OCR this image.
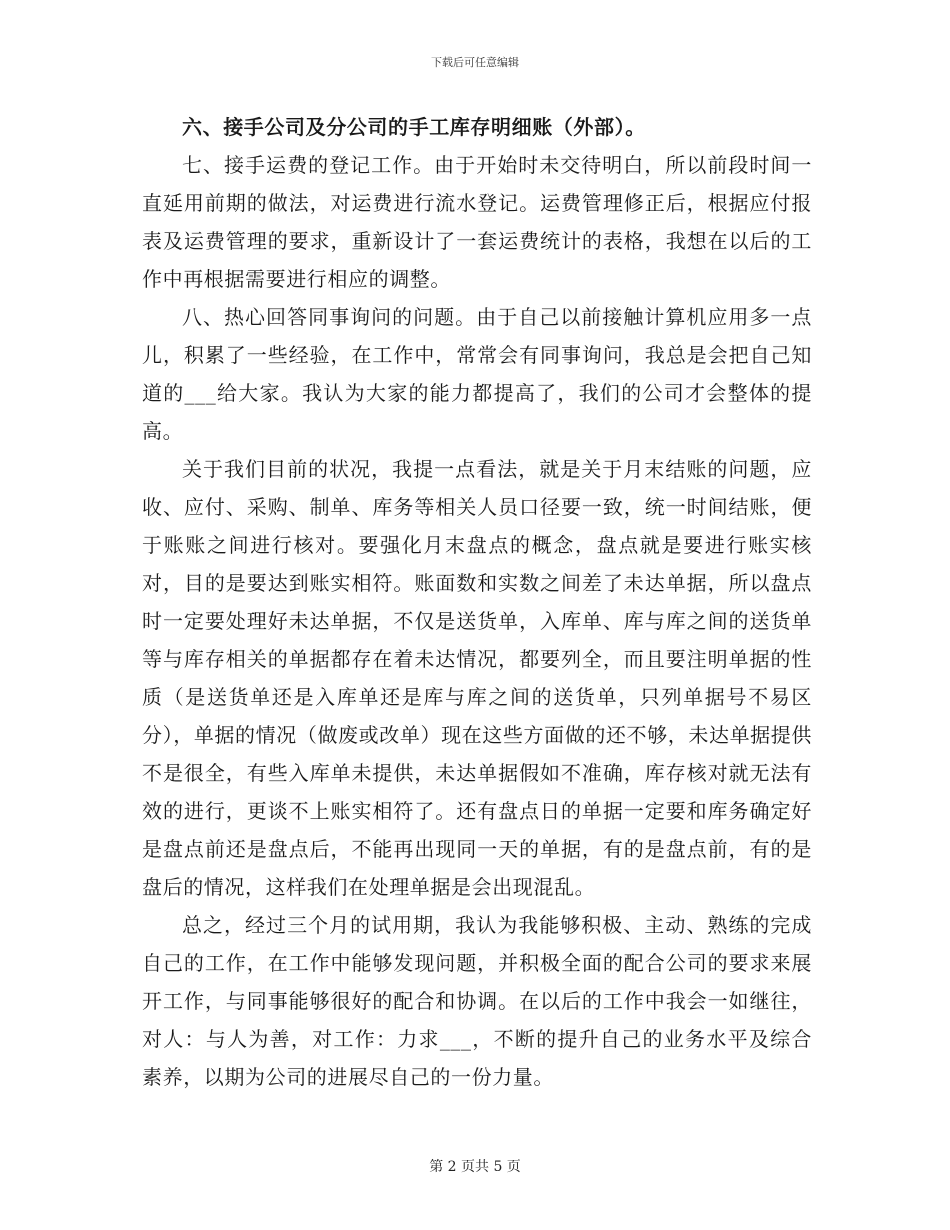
下载后可任意编辑

六、接手公司及分公司的手工库存明细账（外部）。

七、接手运费的登记工作。由于开始时未交待明白，所以前段时间一直延用前期的做法，对运费进行流水登记。运费管理修正后，根据应付报表及运费管理的要求，重新设计了一套运费统计的表格，我想在以后的工作中再根据需要进行相应的调整。

八、热心回答同事询问的问题。由于自己以前接触计算机应用多一点儿，积累了一些经验，在工作中，常常会有同事询问，我总是会把自己知道的___给大家。我认为大家的能力都提高了，我们的公司才会整体的提高。

关于我们目前的状况，我提一点看法，就是关于月末结账的问题，应收、应付、采购、制单、库务等相关人员口径要一致，统一时间结账，便于账账之间进行核对。要强化月末盘点的概念，盘点就是要进行账实核对，目的是要达到账实相符。账面数和实数之间差了未达单据，所以盘点时一定要处理好未达单据，不仅是送货单，入库单、库与库之间的送货单等与库存相关的单据都存在着未达情况，都要列全，而且要注明单据的性质（是送货单还是入库单还是库与库之间的送货单，只列单据号不易区分），单据的情况（做废或改单）现在这些方面做的还不够，未达单据提供不是很全，有些入库单未提供，未达单据假如不准确，库存核对就无法有效的进行，更谈不上账实相符了。还有盘点日的单据一定要和库务确定好是盘点前还是盘点后，不能再出现同一天的单据，有的是盘点前，有的是盘后的情况，这样我们在处理单据是会出现混乱。

总之，经过三个月的试用期，我认为我能够积极、主动、熟练的完成自己的工作，在工作中能够发现问题，并积极全面的配合公司的要求来展开工作，与同事能够很好的配合和协调。在以后的工作中我会一如继往，对人：与人为善，对工作：力求___，不断的提升自己的业务水平及综合素养，以期为公司的进展尽自己的一份力量。

第 2 页共 5 页
